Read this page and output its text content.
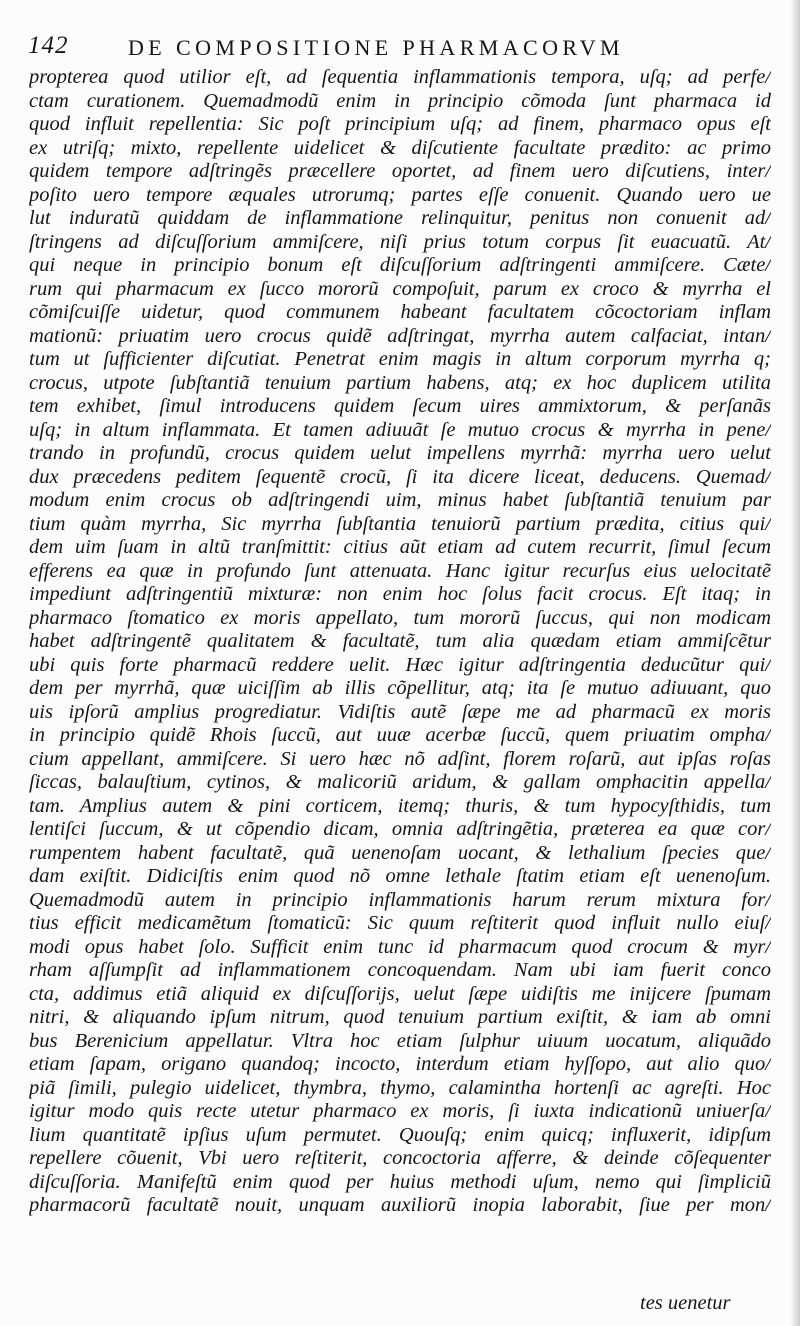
142	DE COMPOSITIONE PHARMACORVM
propterea quod utilior eſt, ad ſequentia inflammationis tempora, uſq; ad perfe/
ctam curationem. Quemadmodũ enim in principio cõmoda ſunt pharmaca id
quod influit repellentia: Sic poſt principium uſq; ad finem, pharmaco opus eſt
ex utriſq; mixto, repellente uidelicet & diſcutiente facultate prædito: ac primo
quidem tempore adſtringẽs præcellere oportet, ad finem uero diſcutiens, inter/
poſito uero tempore æquales utrorumq; partes eſſe conuenit. Quando uero ue
lut induratũ quiddam de inflammatione relinquitur, penitus non conuenit ad/
ſtringens ad diſcuſſorium ammiſcere, niſi prius totum corpus ſit euacuatũ. At/
qui neque in principio bonum eſt diſcuſſorium adſtringenti ammiſcere. Cæte/
rum qui pharmacum ex ſucco mororũ compoſuit, parum ex croco & myrrha el
cõmiſcuiſſe uidetur, quod communem habeant facultatem cõcoctoriam inflam
mationũ: priuatim uero crocus quidẽ adſtringat, myrrha autem calfaciat, intan/
tum ut ſufficienter diſcutiat. Penetrat enim magis in altum corporum myrrha q;
crocus, utpote ſubſtantiã tenuium partium habens, atq; ex hoc duplicem utilita
tem exhibet, ſimul introducens quidem ſecum uires ammixtorum, & perſanãs
uſq; in altum inflammata. Et tamen adiuuãt ſe mutuo crocus & myrrha in pene/
trando in profundũ, crocus quidem uelut impellens myrrhã: myrrha uero uelut
dux præcedens peditem ſequentẽ crocũ, ſi ita dicere liceat, deducens. Quemad/
modum enim crocus ob adſtringendi uim, minus habet ſubſtantiã tenuium par
tium quàm myrrha, Sic myrrha ſubſtantia tenuiorũ partium prædita, citius qui/
dem uim ſuam in altũ tranſmittit: citius aũt etiam ad cutem recurrit, ſimul ſecum
efferens ea quæ in profundo ſunt attenuata. Hanc igitur recurſus eius uelocitatẽ
impediunt adſtringentiũ mixturæ: non enim hoc ſolus facit crocus. Eſt itaq; in
pharmaco ſtomatico ex moris appellato, tum mororũ ſuccus, qui non modicam
habet adſtringentẽ qualitatem & facultatẽ, tum alia quædam etiam ammiſcẽtur
ubi quis forte pharmacũ reddere uelit. Hæc igitur adſtringentia deducũtur qui/
dem per myrrhã, quæ uiciſſim ab illis cõpellitur, atq; ita ſe mutuo adiuuant, quo
uis ipſorũ amplius progrediatur. Vidiſtis autẽ ſæpe me ad pharmacũ ex moris
in principio quidẽ Rhois ſuccũ, aut uuæ acerbæ ſuccũ, quem priuatim ompha/
cium appellant, ammiſcere. Si uero hæc nõ adſint, florem roſarũ, aut ipſas roſas
ſiccas, balauſtium, cytinos, & malicoriũ aridum, & gallam omphacitin appella/
tam. Amplius autem & pini corticem, itemq; thuris, & tum hypocyſthidis, tum
lentiſci ſuccum, & ut cõpendio dicam, omnia adſtringẽtia, præterea ea quæ cor/
rumpentem habent facultatẽ, quã uenenoſam uocant, & lethalium ſpecies que/
dam exiſtit. Didiciſtis enim quod nõ omne lethale ſtatim etiam eſt uenenoſum.
Quemadmodũ autem in principio inflammationis harum rerum mixtura for/
tius efficit medicamẽtum ſtomaticũ: Sic quum reſtiterit quod influit nullo eiuſ/
modi opus habet ſolo. Sufficit enim tunc id pharmacum quod crocum & myr/
rham aſſumpſit ad inflammationem concoquendam. Nam ubi iam fuerit conco
cta, addimus etiã aliquid ex diſcuſſorijs, uelut ſæpe uidiſtis me inijcere ſpumam
nitri, & aliquando ipſum nitrum, quod tenuium partium exiſtit, & iam ab omni
bus Berenicium appellatur. Vltra hoc etiam ſulphur uiuum uocatum, aliquãdo
etiam ſapam, origano quandoq; incocto, interdum etiam hyſſopo, aut alio quo/
piã ſimili, pulegio uidelicet, thymbra, thymo, calamintha hortenſi ac agreſti. Hoc
igitur modo quis recte utetur pharmaco ex moris, ſi iuxta indicationũ uniuerſa/
lium quantitatẽ ipſius uſum permutet. Quouſq; enim quicq; influxerit, idipſum
repellere cõuenit, Vbi uero reſtiterit, concoctoria afferre, & deinde cõſequenter
diſcuſſoria. Manifeſtũ enim quod per huius methodi uſum, nemo qui ſimpliciũ
pharmacorũ facultatẽ nouit, unquam auxiliorũ inopia laborabit, ſiue per mon/
tes uenetur
